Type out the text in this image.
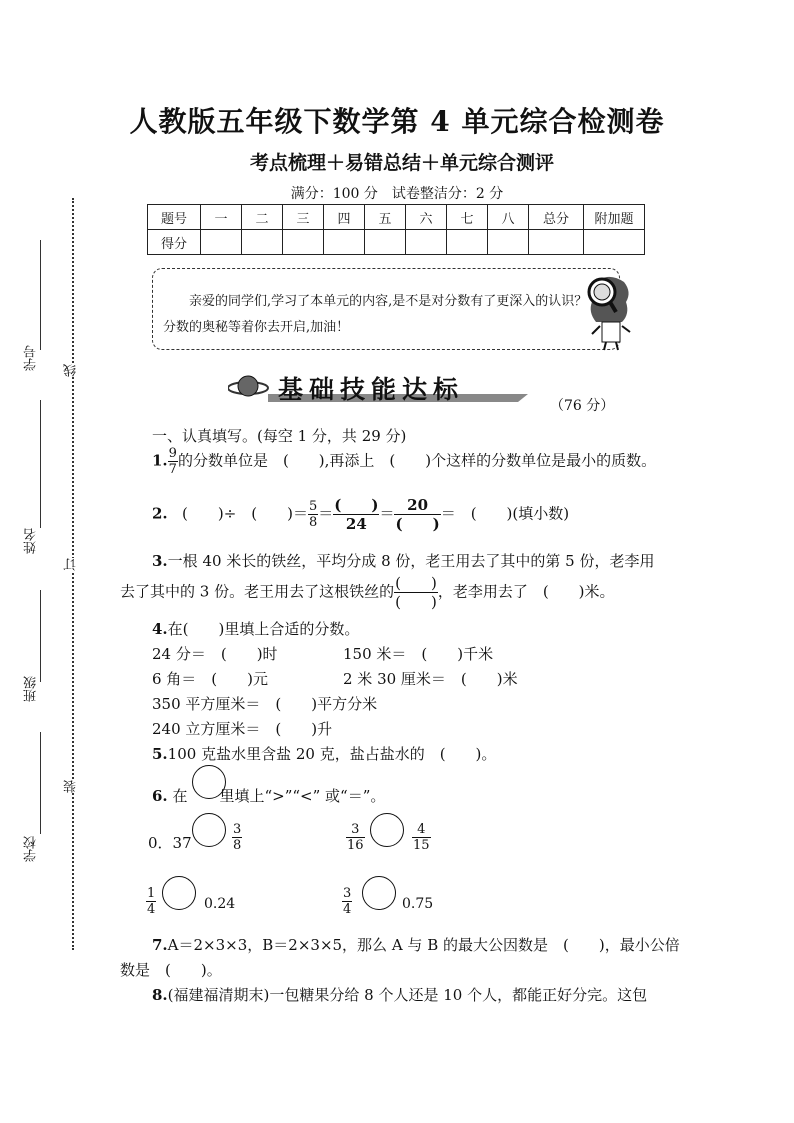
学号
姓名
班级
学校
线
订
装
人教版五年级下数学第 4 单元综合检测卷
考点梳理＋易错总结＋单元综合测评
满分：100 分　试卷整洁分：2 分
题号	一	二	三	四	五	六	七	八	总分	附加题
得分										
亲爱的同学们,学习了本单元的内容,是不是对分数有了更深入的认识？分数的奥秘等着你去开启,加油！
基础技能达标
（76 分）
一、认真填写。(每空 1 分，共 29 分)
1. $\frac{9}{7}$ 的分数单位是　(　　),再添上　(　　)个这样的分数单位是最小的质数。
2. (　　)÷　(　　)＝ $\frac{5}{8} = \frac{( )}{24} = \frac{20}{( )}$ ＝　(　　)(填小数)
3.一根 40 米长的铁丝，平均分成 8 份，老王用去了其中的第 5 份，老李用
去了其中的 3 份。老王用去了这根铁丝的 $\frac{( )}{( )}$ ，老李用去了　(　　)米。
4.在(　　)里填上合适的分数。
24 分＝　(　　)时	150 米＝　(　　)千米
6 角＝　(　　)元	2 米 30 厘米＝　(　　)米
350 平方厘米＝　(　　)平方分米
240 立方厘米＝　(　　)升
5.100 克盐水里含盐 20 克，盐占盐水的　(　　)。
6. 在 里填上“>”“<” 或“＝”。
0．37	$\frac{3}{8}$	$\frac{3}{16}$	$\frac{4}{15}$
$\frac{1}{4}$	0.24	$\frac{3}{4}$	0.75
7.A＝2×3×3，B＝2×3×5，那么 A 与 B 的最大公因数是　(　　)，最小公倍
数是　(　　)。
8.(福建福清期末)一包糖果分给 8 个人还是 10 个人，都能正好分完。这包
